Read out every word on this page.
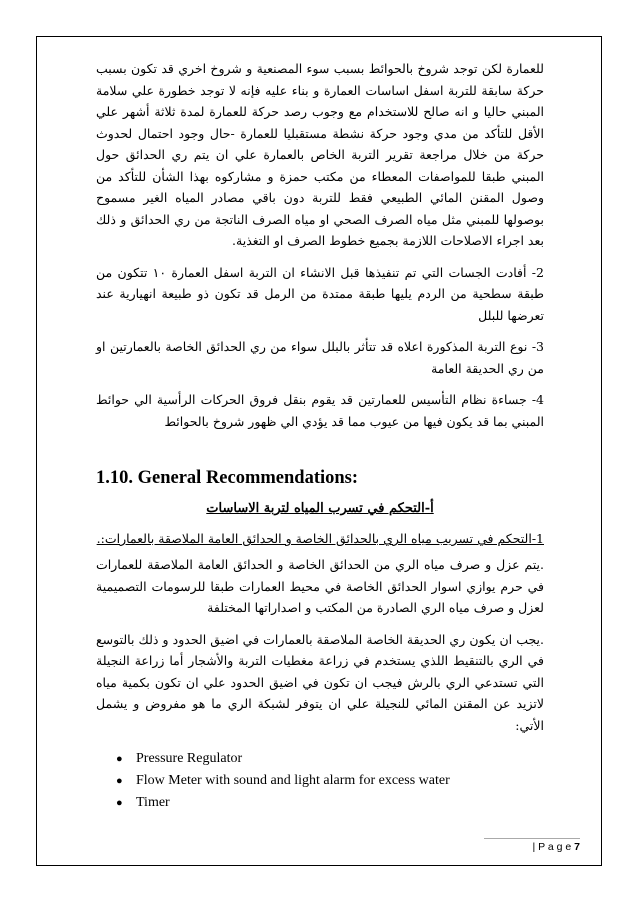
للعمارة لكن توجد شروخ بالحوائط بسبب سوء المصنعية و شروخ اخري قد تكون بسبب حركة سابقة للتربة اسفل اساسات العمارة و بناء عليه فإنه لا توجد خطورة علي سلامة المبني حاليا و انه صالح للاستخدام مع وجوب رصد حركة للعمارة لمدة ثلاثة أشهر علي الأقل للتأكد من مدي وجود حركة نشطة مستقبليا للعمارة -حال وجود احتمال لحدوث حركة من خلال مراجعة تقرير التربة الخاص بالعمارة علي ان يتم ري الحدائق حول المبني طبقا للمواصفات المعطاء من مكتب حمزة و مشاركوه بهذا الشأن للتأكد من وصول المقنن المائي الطبيعي فقط للتربة دون باقي مصادر المياه الغير مسموح بوصولها للمبني مثل مياه الصرف الصحي او مياه الصرف الناتجة من ري الحدائق و ذلك بعد اجراء الاصلاحات اللازمة بجميع خطوط الصرف او التغذية.

2- أفادت الجسات التي تم تنفيذها قبل الانشاء ان التربة اسفل العمارة ١٠ تتكون من طبقة سطحية من الردم يليها طبقة ممتدة من الرمل قد تكون ذو طبيعة انهيارية عند تعرضها للبلل

3- نوع التربة المذكورة اعلاه قد تتأثر بالبلل سواء من ري الحدائق الخاصة بالعمارتين او من ري الحديقة العامة

4- جساءة نظام التأسيس للعمارتين قد يقوم بنقل فروق الحركات الرأسية الي حوائط المبني بما قد يكون فيها من عيوب مما قد يؤدي الي ظهور شروخ بالحوائط

1.10. General Recommendations:

أ-التحكم في تسرب المياه لتربة الاساسات

1-التحكم في تسريب مياه الري بالحدائق الخاصة و الحدائق العامة الملاصقة بالعمارات:.

.يتم عزل و صرف مياه الري من الحدائق الخاصة و الحدائق العامة الملاصقة للعمارات في حرم يوازي اسوار الحدائق الخاصة في محيط العمارات طبقا للرسومات التصميمية لعزل و صرف مياه الري الصادرة من المكتب و اصداراتها المختلفة

.يجب ان يكون ري الحديقة الخاصة الملاصقة بالعمارات في اضيق الحدود و ذلك بالتوسع في الري بالتنقيط اللذي يستخدم في زراعة مغطيات التربة والأشجار أما زراعة النجيلة التي تستدعي الري بالرش فيجب ان تكون في اضيق الحدود علي ان تكون بكمية مياه لاتزيد عن المقنن المائي للنجيلة علي ان يتوفر لشبكة الري ما هو مفروض و يشمل الأتي:

● Pressure Regulator
● Flow Meter with sound and light alarm for excess water
● Timer
| P a g e 7
